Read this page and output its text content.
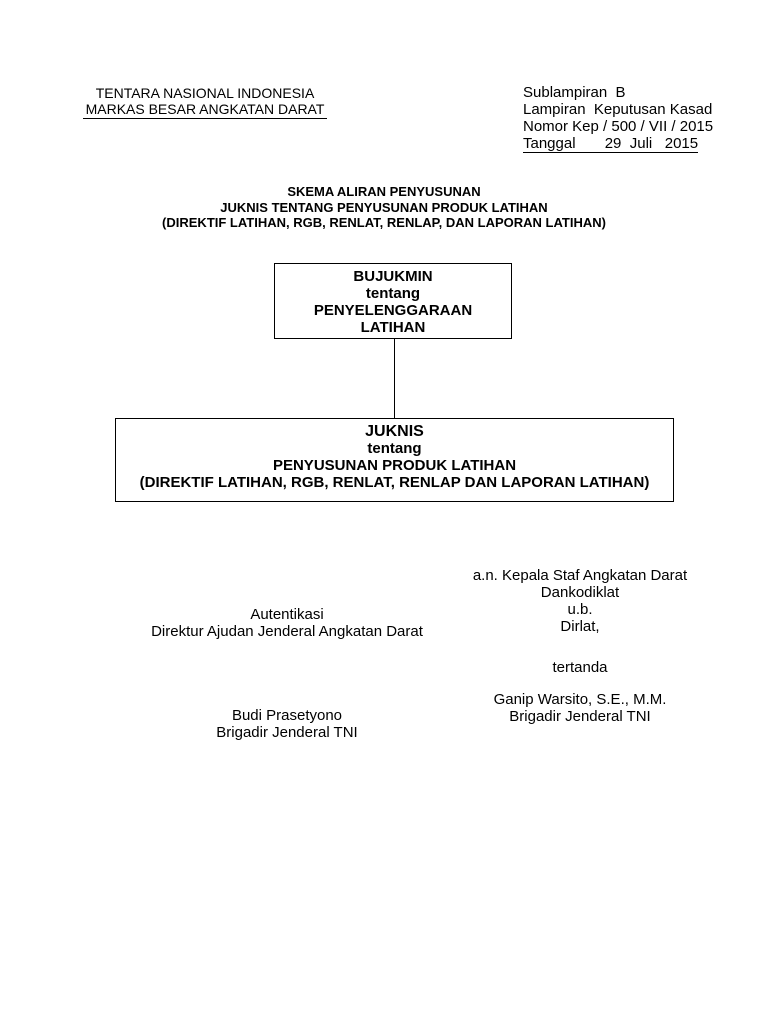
TENTARA NASIONAL INDONESIA
MARKAS BESAR ANGKATAN DARAT
Sublampiran  B
Lampiran  Keputusan Kasad
Nomor Kep / 500 / VII / 2015
Tanggal       29  Juli   2015
SKEMA ALIRAN PENYUSUNAN
JUKNIS TENTANG PENYUSUNAN PRODUK LATIHAN
(DIREKTIF LATIHAN, RGB, RENLAT, RENLAP, DAN LAPORAN LATIHAN)
BUJUKMIN
tentang
PENYELENGGARAAN
LATIHAN
JUKNIS
tentang
PENYUSUNAN PRODUK LATIHAN
(DIREKTIF LATIHAN, RGB, RENLAT, RENLAP DAN LAPORAN LATIHAN)
a.n. Kepala Staf Angkatan Darat
Dankodiklat
u.b.
Dirlat,
Autentikasi
Direktur Ajudan Jenderal Angkatan Darat
tertanda
Ganip Warsito, S.E., M.M.
Brigadir Jenderal TNI
Budi Prasetyono
Brigadir Jenderal TNI
